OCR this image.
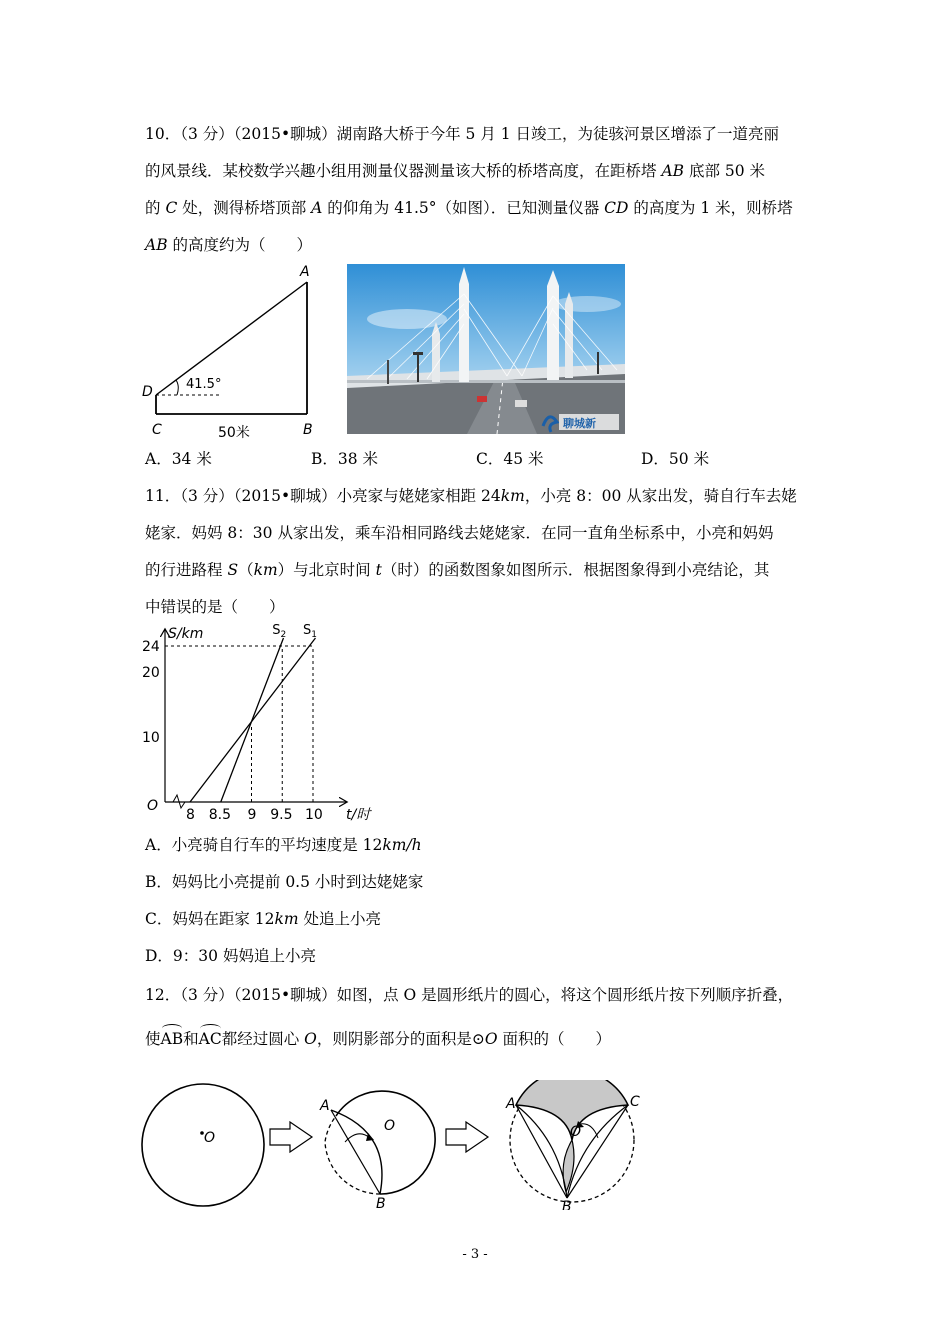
10．（3 分）（2015•聊城）湖南路大桥于今年 5 月 1 日竣工，为徒骇河景区增添了一道亮丽
的风景线．某校数学兴趣小组用测量仪器测量该大桥的桥塔高度，在距桥塔 AB 底部 50 米
的 C 处，测得桥塔顶部 A 的仰角为 41.5°（如图）．已知测量仪器 CD 的高度为 1 米，则桥塔
AB 的高度约为（　　）
A
D
C	B
41.5°
50米
聊城新
A．34 米	B．38 米	C．45 米	D．50 米
11．（3 分）（2015•聊城）小亮家与姥姥家相距 24km，小亮 8：00 从家出发，骑自行车去姥
姥家．妈妈 8：30 从家出发，乘车沿相同路线去姥姥家．在同一直角坐标系中，小亮和妈妈
的行进路程 S（km）与北京时间 t（时）的函数图象如图所示．根据图象得到小亮结论，其
中错误的是（　　）
O
S/km
t/时
10
20
24
8 8.5 9 9.5 10
$S_1$
$S_2$
A．小亮骑自行车的平均速度是 12km/h
B．妈妈比小亮提前 0.5 小时到达姥姥家
C．妈妈在距家 12km 处追上小亮
D．9：30 妈妈追上小亮
12．（3 分）（2015•聊城）如图，点 O 是圆形纸片的圆心，将这个圆形纸片按下列顺序折叠，
使AB和AC都经过圆心 O，则阴影部分的面积是⊙O 面积的（　　）
O
A
O
B
A	C
O
B
- 3 -
